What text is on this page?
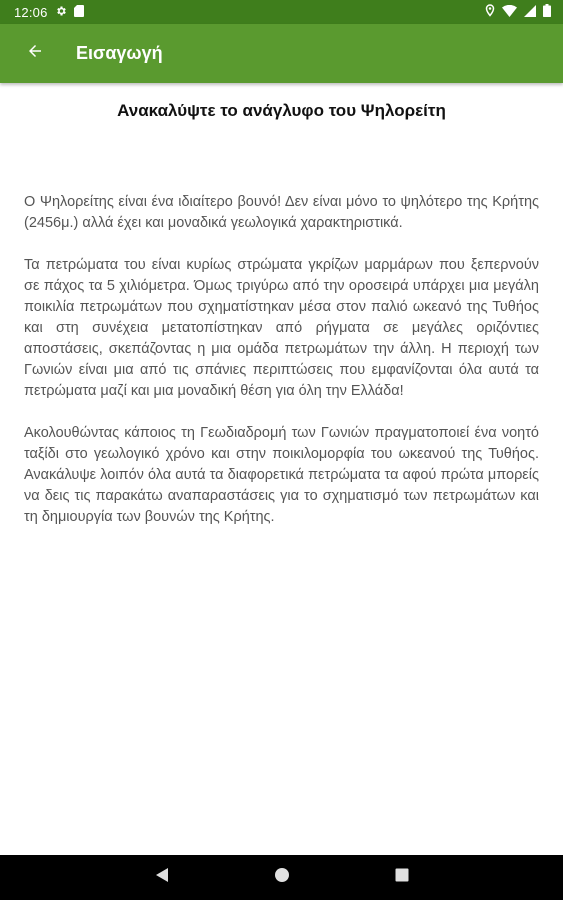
12:06
Εισαγωγή
Ανακαλύψτε το ανάγλυφο του Ψηλορείτη

Ο Ψηλορείτης είναι ένα ιδιαίτερο βουνό! Δεν είναι μόνο το ψηλότερο της Κρήτης (2456μ.) αλλά έχει και μοναδικά γεωλογικά χαρακτηριστικά.

Τα πετρώματα του είναι κυρίως στρώματα γκρίζων μαρμάρων που ξεπερνούν σε πάχος τα 5 χιλιόμετρα. Όμως τριγύρω από την οροσειρά υπάρχει μια μεγάλη ποικιλία πετρωμάτων που σχηματίστηκαν μέσα στον παλιό ωκεανό της Τυθήος και στη συνέχεια μετατοπίστηκαν από ρήγματα σε μεγάλες οριζόντιες αποστάσεις, σκεπάζοντας η μια ομάδα πετρωμάτων την άλλη. Η περιοχή των Γωνιών είναι μια από τις σπάνιες περιπτώσεις που εμφανίζονται όλα αυτά τα πετρώματα μαζί και μια μοναδική θέση για όλη την Ελλάδα!

Ακολουθώντας κάποιος τη Γεωδιαδρομή των Γωνιών πραγματοποιεί ένα νοητό ταξίδι στο γεωλογικό χρόνο και στην ποικιλομορφία του ωκεανού της Τυθήος. Ανακάλυψε λοιπόν όλα αυτά τα διαφορετικά πετρώματα τα αφού πρώτα μπορείς να δεις τις παρακάτω αναπαραστάσεις για το σχηματισμό των πετρωμάτων και τη δημιουργία των βουνών της Κρήτης.
